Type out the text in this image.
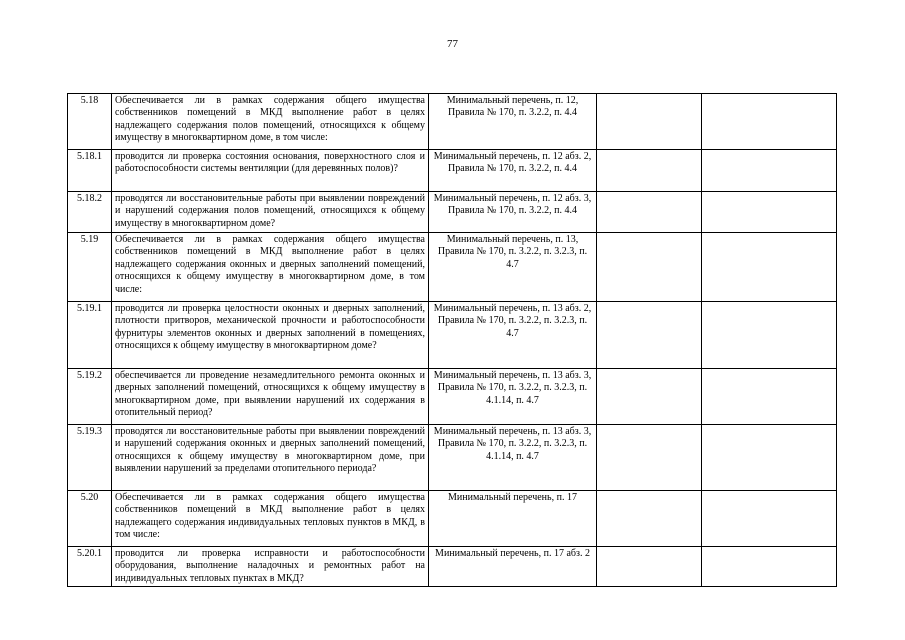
77
5.18	Обеспечивается ли в рамках содержания общего имущества собственников помещений в МКД выполнение работ в целях надлежащего содержания полов помещений, относящихся к общему имуществу в многоквартирном доме, в том числе:	Минимальный перечень, п. 12, Правила № 170, п. 3.2.2, п. 4.4		
5.18.1	проводится ли проверка состояния основания, поверхностного слоя и работоспособности системы вентиляции (для деревянных полов)?	Минимальный перечень, п. 12 абз. 2, Правила № 170, п. 3.2.2, п. 4.4		
5.18.2	проводятся ли восстановительные работы при выявлении повреждений и нарушений содержания полов помещений, относящихся к общему имуществу в многоквартирном доме?	Минимальный перечень, п. 12 абз. 3, Правила № 170, п. 3.2.2, п. 4.4		
5.19	Обеспечивается ли в рамках содержания общего имущества собственников помещений в МКД выполнение работ в целях надлежащего содержания оконных и дверных заполнений помещений, относящихся к общему имуществу в многоквартирном доме, в том числе:	Минимальный перечень, п. 13, Правила № 170, п. 3.2.2, п. 3.2.3, п. 4.7		
5.19.1	проводится ли проверка целостности оконных и дверных заполнений, плотности притворов, механической прочности и работоспособности фурнитуры элементов оконных и дверных заполнений в помещениях, относящихся к общему имуществу в многоквартирном доме?	Минимальный перечень, п. 13 абз. 2, Правила № 170, п. 3.2.2, п. 3.2.3, п. 4.7		
5.19.2	обеспечивается ли проведение незамедлительного ремонта оконных и дверных заполнений помещений, относящихся к общему имуществу в многоквартирном доме, при выявлении нарушений их содержания в отопительный период?	Минимальный перечень, п. 13 абз. 3, Правила № 170, п. 3.2.2, п. 3.2.3, п. 4.1.14, п. 4.7		
5.19.3	проводятся ли восстановительные работы при выявлении повреждений и нарушений содержания оконных и дверных заполнений помещений, относящихся к общему имуществу в многоквартирном доме, при выявлении нарушений за пределами отопительного периода?	Минимальный перечень, п. 13 абз. 3, Правила № 170, п. 3.2.2, п. 3.2.3, п. 4.1.14, п. 4.7		
5.20	Обеспечивается ли в рамках содержания общего имущества собственников помещений в МКД выполнение работ в целях надлежащего содержания индивидуальных тепловых пунктов в МКД, в том числе:	Минимальный перечень, п. 17		
5.20.1	проводится ли проверка исправности и работоспособности оборудования, выполнение наладочных и ремонтных работ на индивидуальных тепловых пунктах в МКД?	Минимальный перечень, п. 17 абз. 2		
